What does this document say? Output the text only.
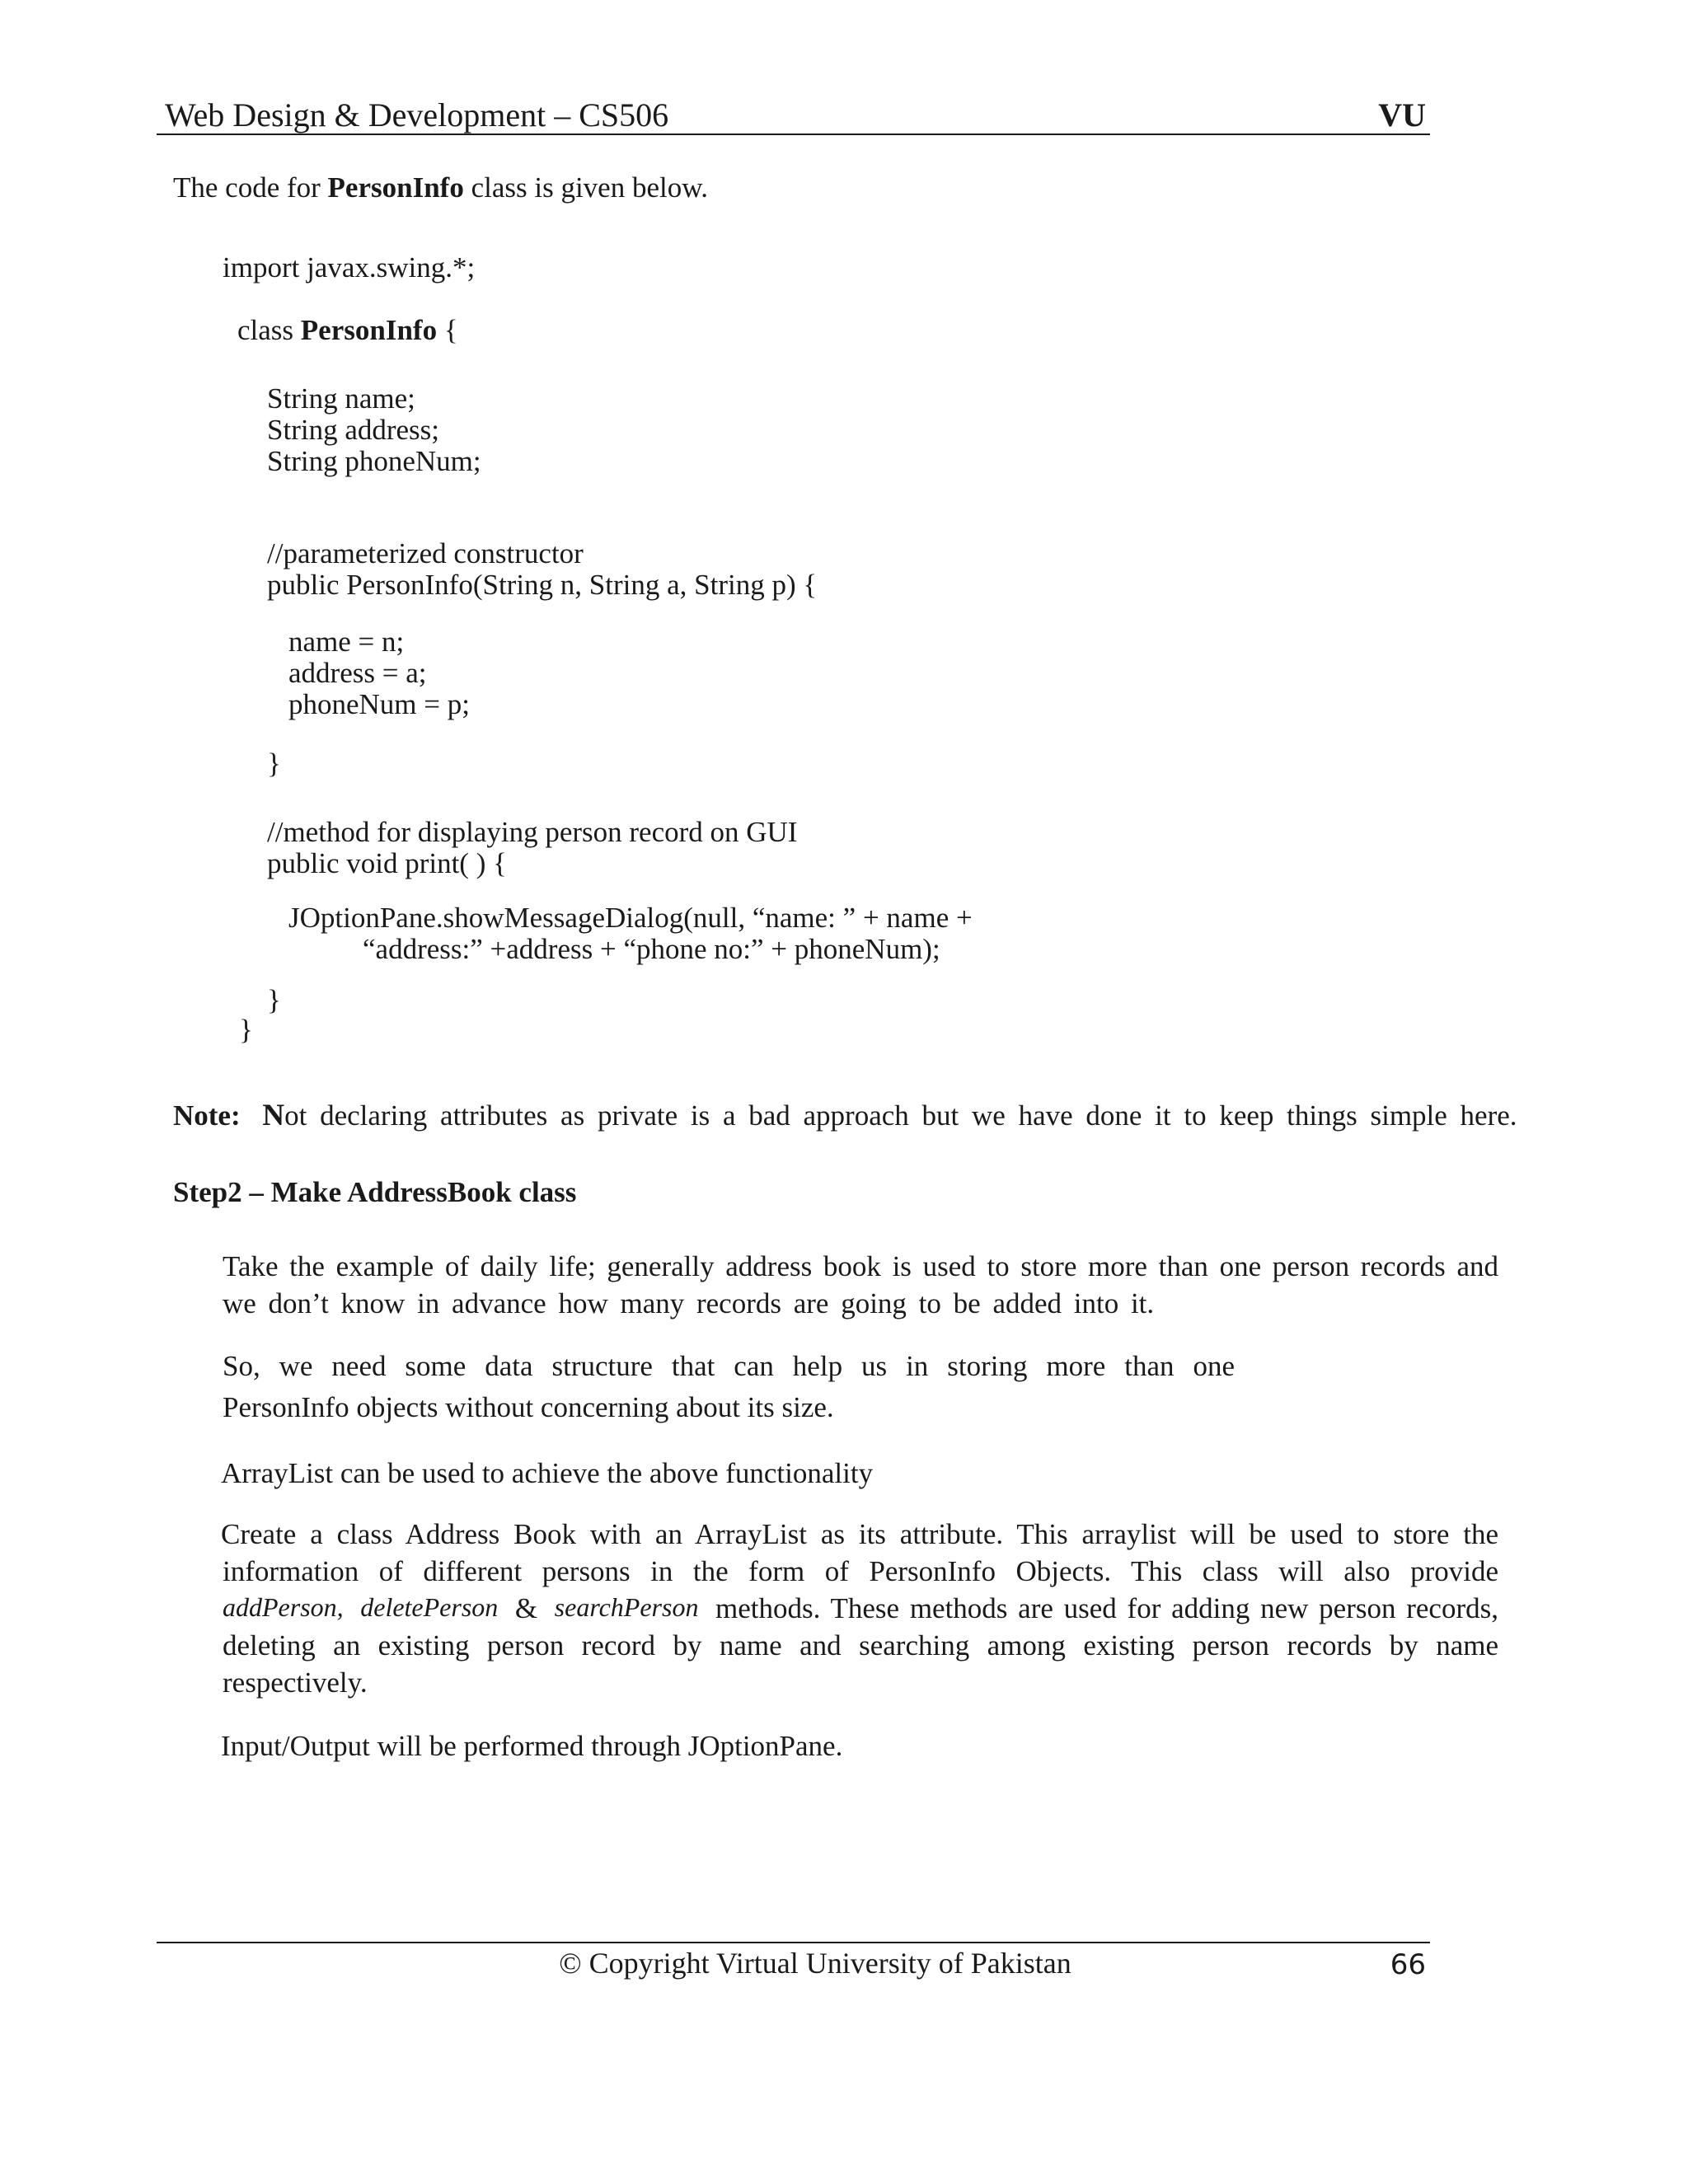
Web Design & Development – CS506	VU
The code for PersonInfo class is given below.
import javax.swing.*;
class PersonInfo {
String name;
String address;
String phoneNum;
//parameterized constructor
public PersonInfo(String n, String a, String p) {
name = n;
address = a;
phoneNum = p;
}
//method for displaying person record on GUI
public void print( ) {
JOptionPane.showMessageDialog(null, “name: ” + name +
“address:” +address + “phone no:” + phoneNum);
}
}
Note: Not declaring attributes as private is a bad approach but we have done it to keep things simple here.
Step2 – Make AddressBook class
Take the example of daily life; generally address book is used to store more than one person records and
we don’t know in advance how many records are going to be added into it.
So, we need some data structure that can help us in storing more than one
PersonInfo objects without concerning about its size.
ArrayList can be used to achieve the above functionality
Create a class Address Book with an ArrayList as its attribute. This arraylist will be used to store the
information of different persons in the form of PersonInfo Objects. This class will also provide
addPerson, deletePerson & searchPerson methods. These methods are used for adding new person records,
deleting an existing person record by name and searching among existing person records by name
respectively.
Input/Output will be performed through JOptionPane.
© Copyright Virtual University of Pakistan	66
